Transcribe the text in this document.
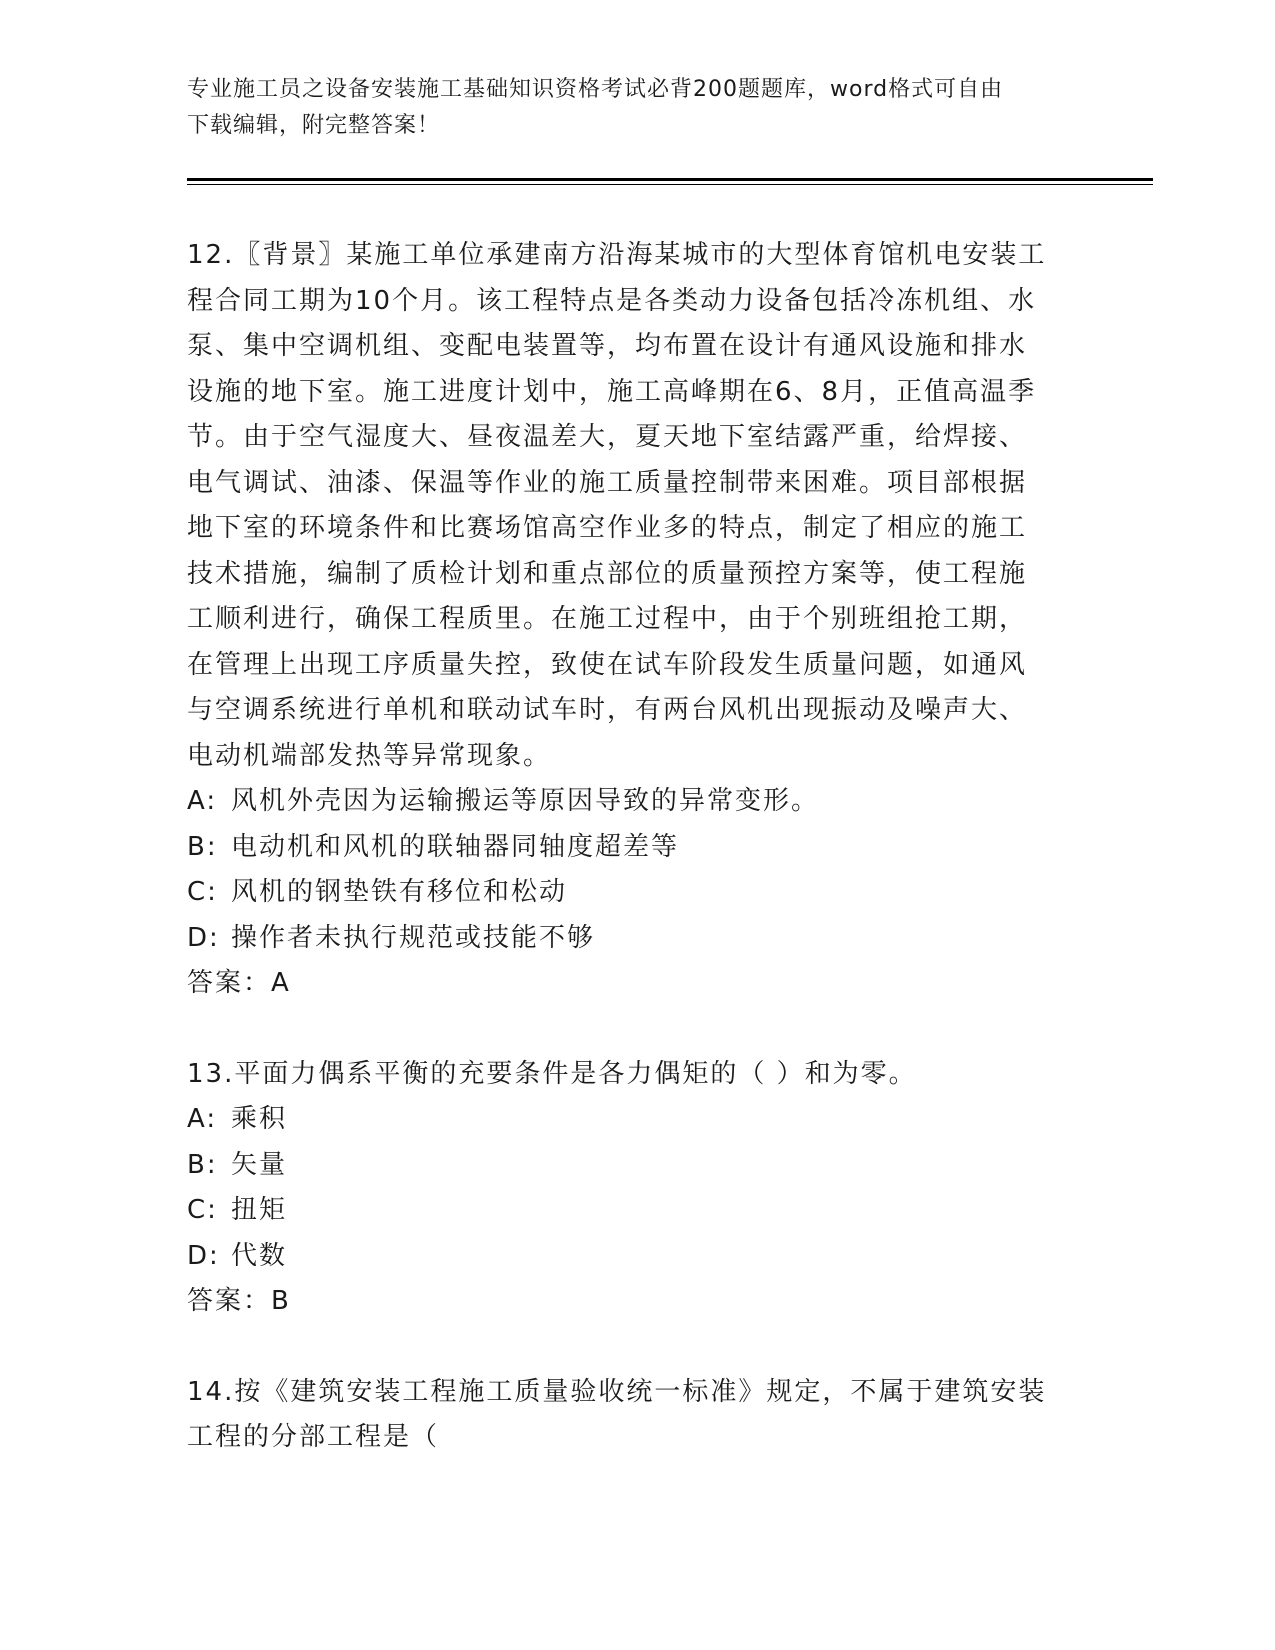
专业施工员之设备安装施工基础知识资格考试必背200题题库，word格式可自由
下载编辑，附完整答案！

12.〖背景〗某施工单位承建南方沿海某城市的大型体育馆机电安装工
程合同工期为10个月。该工程特点是各类动力设备包括冷冻机组、水
泵、集中空调机组、变配电装置等，均布置在设计有通风设施和排水
设施的地下室。施工进度计划中，施工高峰期在6、8月，正值高温季
节。由于空气湿度大、昼夜温差大，夏天地下室结露严重，给焊接、
电气调试、油漆、保温等作业的施工质量控制带来困难。项目部根据
地下室的环境条件和比赛场馆高空作业多的特点，制定了相应的施工
技术措施，编制了质检计划和重点部位的质量预控方案等，使工程施
工顺利进行，确保工程质里。在施工过程中，由于个别班组抢工期，
在管理上出现工序质量失控，致使在试车阶段发生质量问题，如通风
与空调系统进行单机和联动试车时，有两台风机出现振动及噪声大、
电动机端部发热等异常现象。

A: 风机外壳因为运输搬运等原因导致的异常变形。

B: 电动机和风机的联轴器同轴度超差等

C: 风机的钢垫铁有移位和松动

D: 操作者未执行规范或技能不够

答案：A

13.平面力偶系平衡的充要条件是各力偶矩的（ ）和为零。

A: 乘积

B: 矢量

C: 扭矩

D: 代数

答案：B

14.按《建筑安装工程施工质量验收统一标准》规定，不属于建筑安装
工程的分部工程是（
